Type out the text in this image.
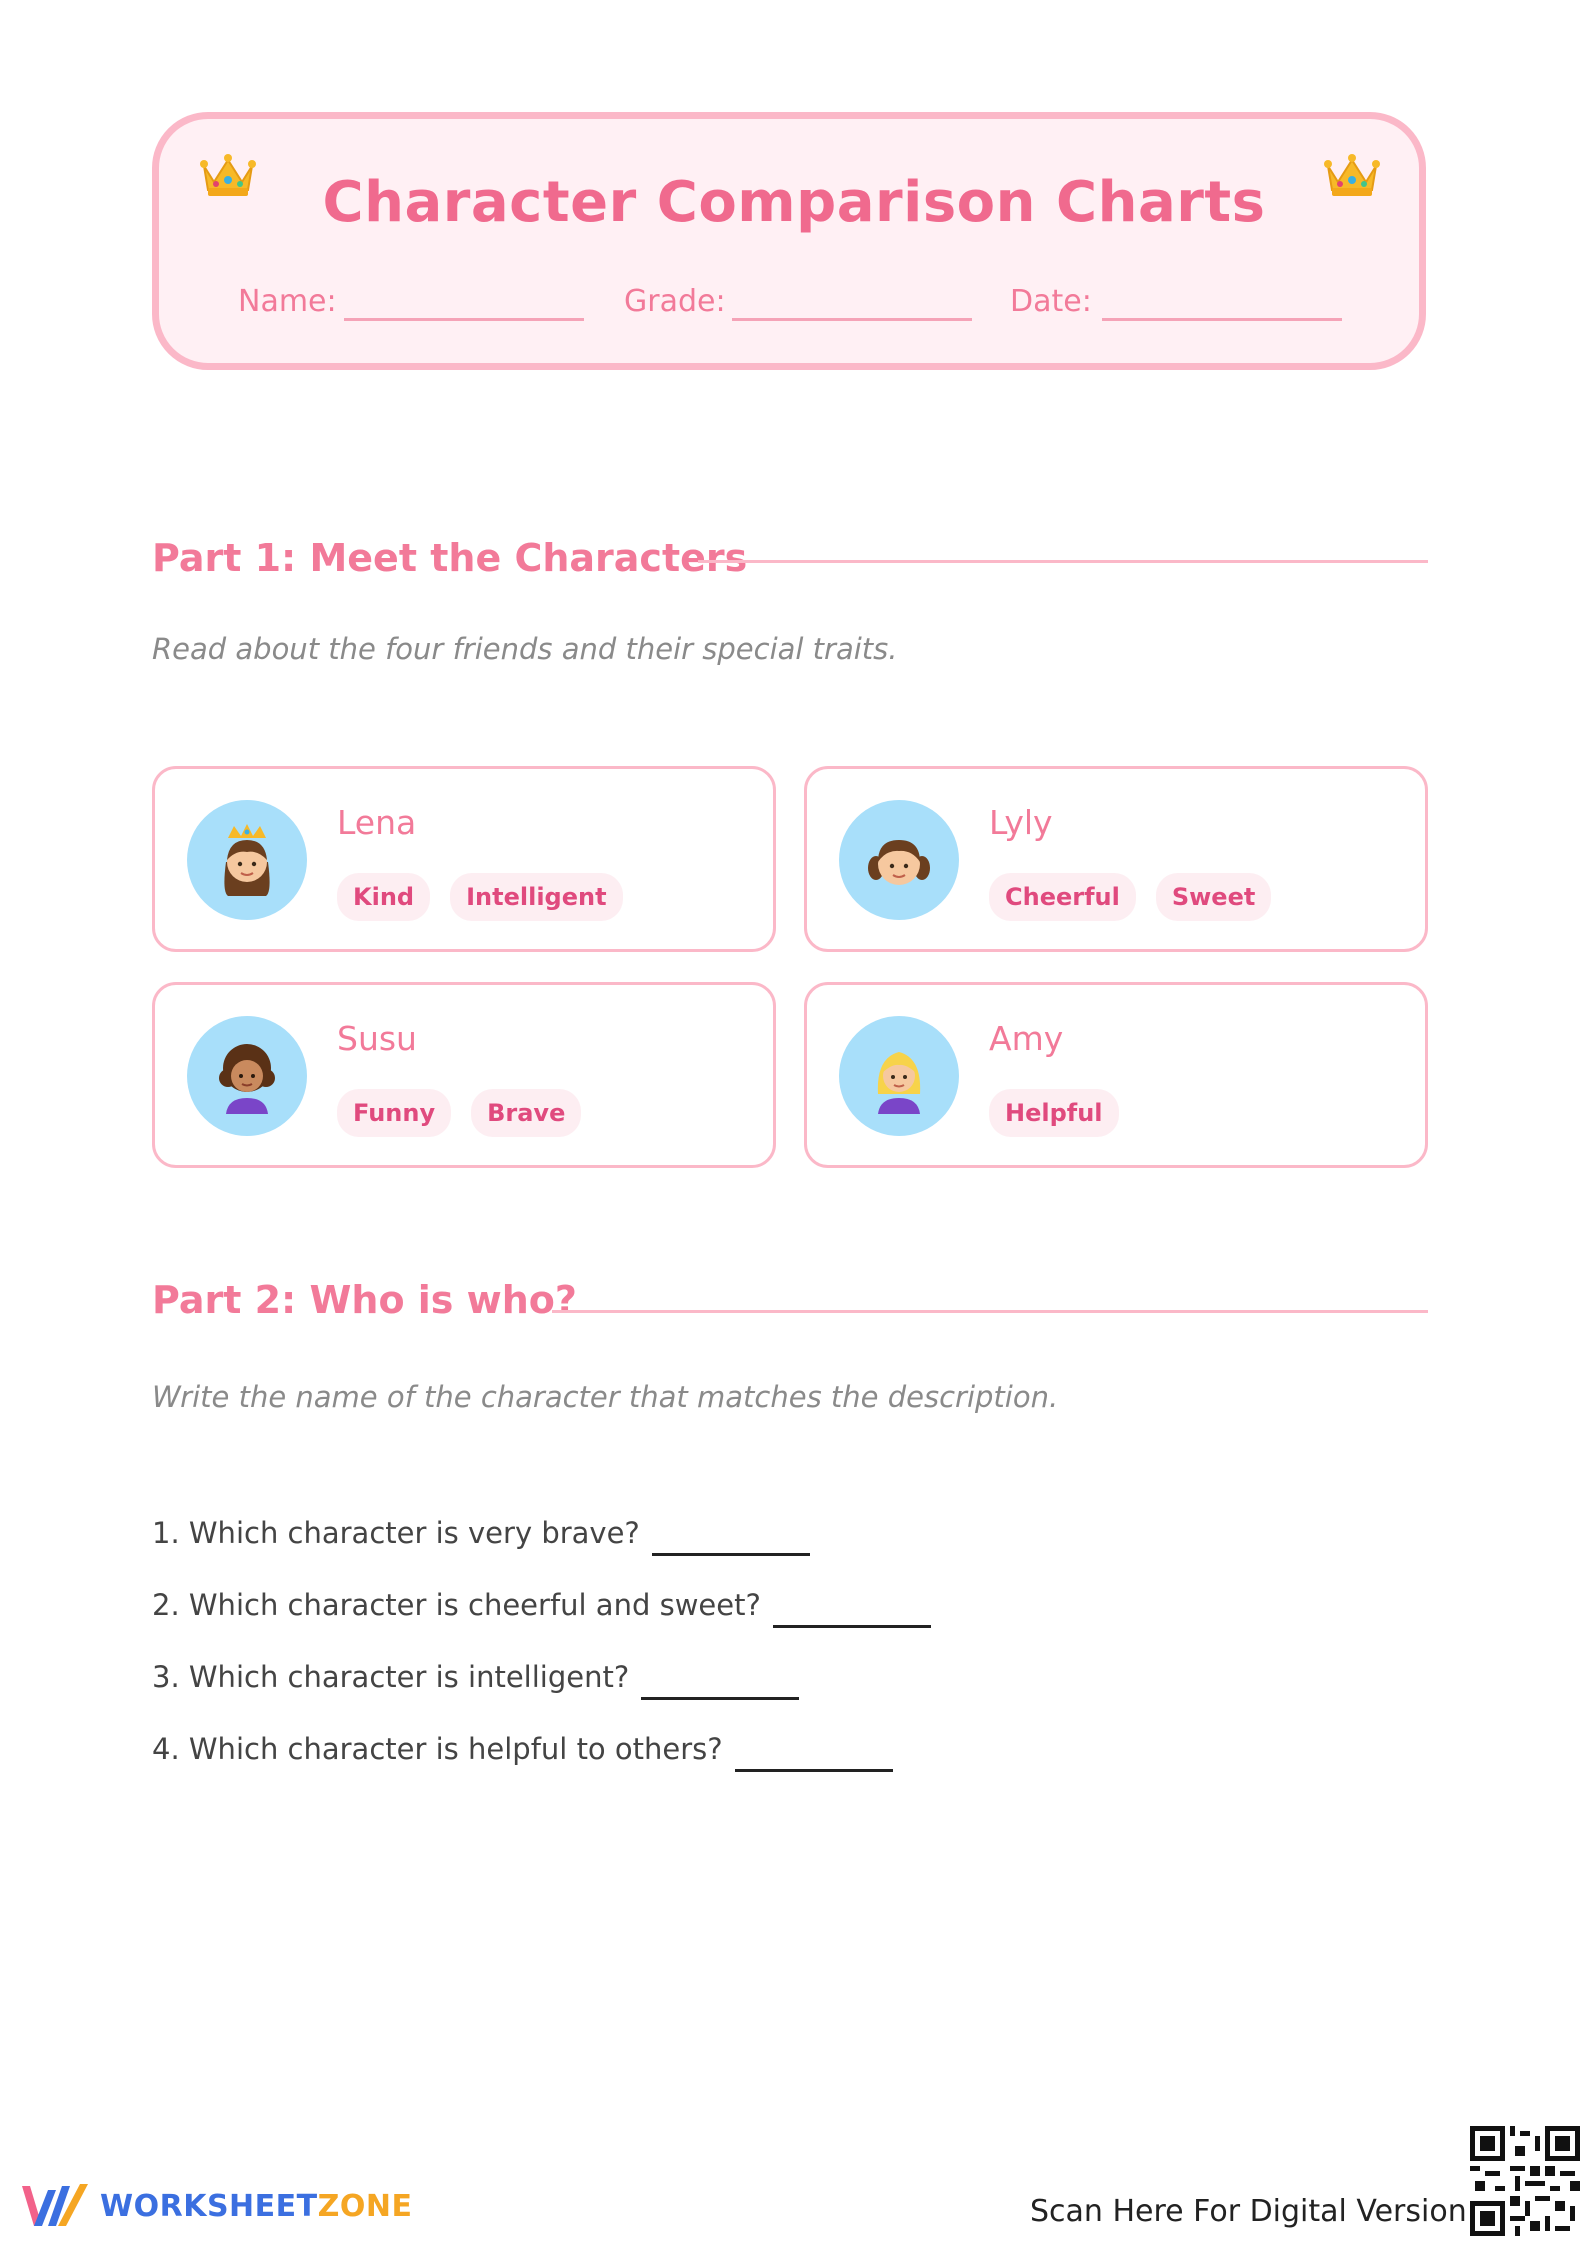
Character Comparison Charts
Name:	Grade:	Date:
Part 1: Meet the Characters
Read about the four friends and their special traits.
Lena
Kind	Intelligent
Lyly
Cheerful	Sweet
Susu
Funny	Brave
Amy
Helpful
Part 2: Who is who?
Write the name of the character that matches the description.
1. Which character is very brave?
2. Which character is cheerful and sweet?
3. Which character is intelligent?
4. Which character is helpful to others?
WORKSHEET ZONE	Scan Here For Digital Version
